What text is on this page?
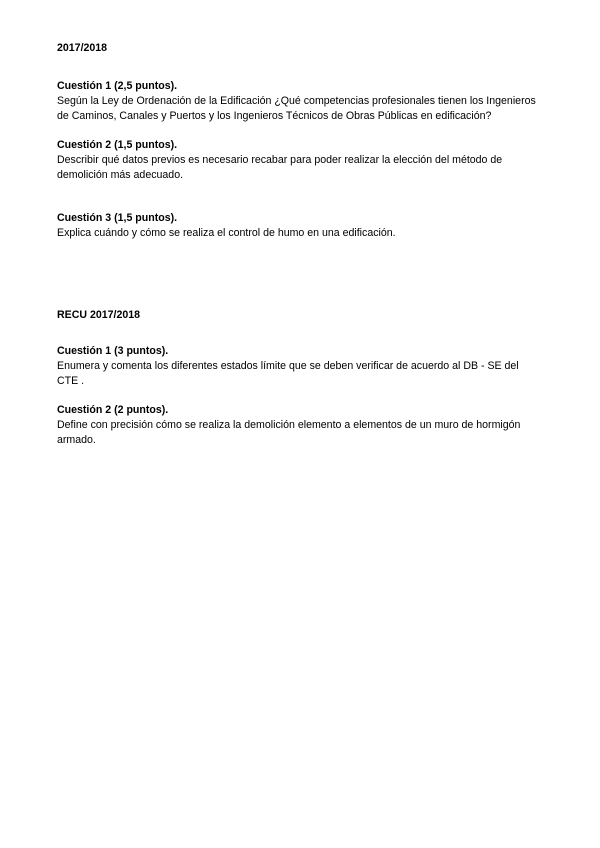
2017/2018

Cuestión 1 (2,5 puntos).

Según la Ley de Ordenación de la Edificación ¿Qué competencias profesionales tienen los Ingenieros de Caminos, Canales y Puertos y los Ingenieros Técnicos de Obras Públicas en edificación?

Cuestión 2 (1,5 puntos).

Describir qué datos previos es necesario recabar para poder realizar la elección del método de demolición más adecuado.

Cuestión 3 (1,5 puntos).

Explica cuándo y cómo se realiza el control de humo en una edificación.

RECU 2017/2018

Cuestión 1 (3 puntos).

Enumera y comenta los diferentes estados límite que se deben verificar de acuerdo al DB - SE del CTE .

Cuestión 2 (2 puntos).

Define con precisión cómo se realiza la demolición elemento a elementos de un muro de hormigón armado.
